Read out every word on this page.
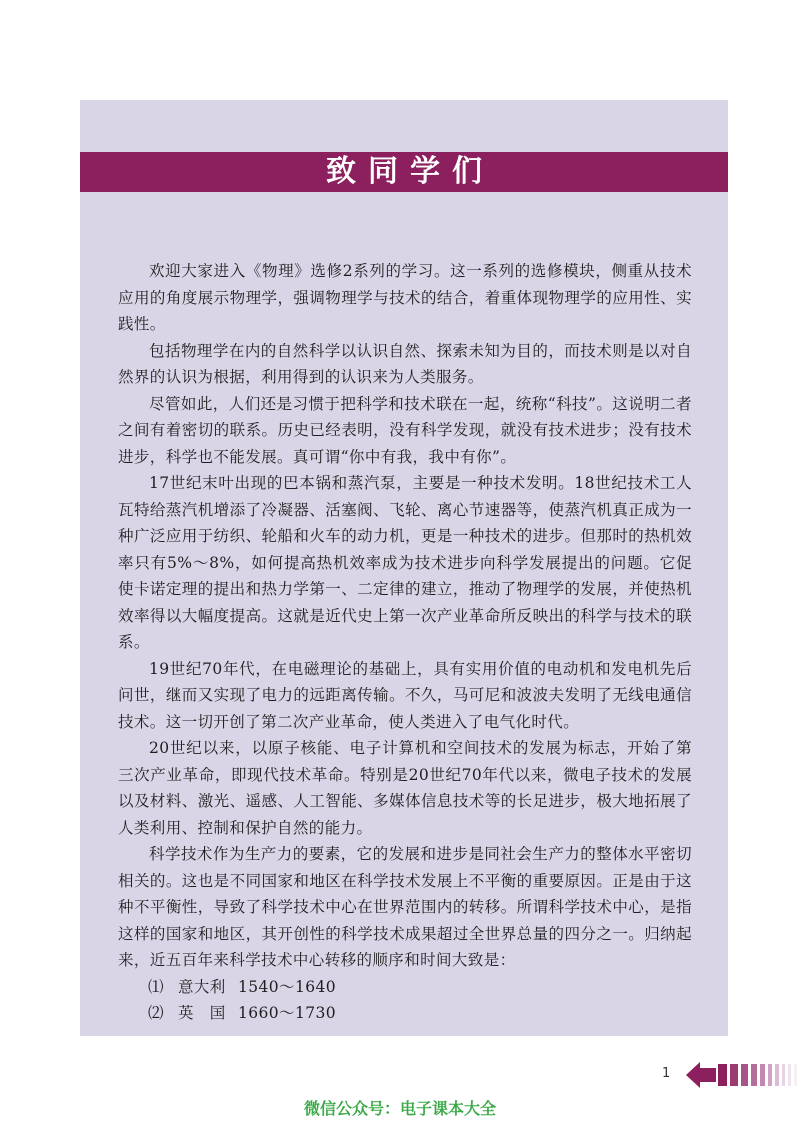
致同学们

欢迎大家进入《物理》选修2系列的学习。这一系列的选修模块，侧重从技术应用的角度展示物理学，强调物理学与技术的结合，着重体现物理学的应用性、实践性。

包括物理学在内的自然科学以认识自然、探索未知为目的，而技术则是以对自然界的认识为根据，利用得到的认识来为人类服务。

尽管如此，人们还是习惯于把科学和技术联在一起，统称“科技”。这说明二者之间有着密切的联系。历史已经表明，没有科学发现，就没有技术进步；没有技术进步，科学也不能发展。真可谓“你中有我，我中有你”。

17世纪末叶出现的巴本锅和蒸汽泵，主要是一种技术发明。18世纪技术工人瓦特给蒸汽机增添了冷凝器、活塞阀、飞轮、离心节速器等，使蒸汽机真正成为一种广泛应用于纺织、轮船和火车的动力机，更是一种技术的进步。但那时的热机效率只有5%～8%，如何提高热机效率成为技术进步向科学发展提出的问题。它促使卡诺定理的提出和热力学第一、二定律的建立，推动了物理学的发展，并使热机效率得以大幅度提高。这就是近代史上第一次产业革命所反映出的科学与技术的联系。

19世纪70年代，在电磁理论的基础上，具有实用价值的电动机和发电机先后问世，继而又实现了电力的远距离传输。不久，马可尼和波波夫发明了无线电通信技术。这一切开创了第二次产业革命，使人类进入了电气化时代。

20世纪以来，以原子核能、电子计算机和空间技术的发展为标志，开始了第三次产业革命，即现代技术革命。特别是20世纪70年代以来，微电子技术的发展以及材料、激光、遥感、人工智能、多媒体信息技术等的长足进步，极大地拓展了人类利用、控制和保护自然的能力。

科学技术作为生产力的要素，它的发展和进步是同社会生产力的整体水平密切相关的。这也是不同国家和地区在科学技术发展上不平衡的重要原因。正是由于这种不平衡性，导致了科学技术中心在世界范围内的转移。所谓科学技术中心，是指这样的国家和地区，其开创性的科学技术成果超过全世界总量的四分之一。归纳起来，近五百年来科学技术中心转移的顺序和时间大致是：

⑴ 意大利 1540～1640
⑵ 英　国 1660～1730
1
微信公众号：电子课本大全
